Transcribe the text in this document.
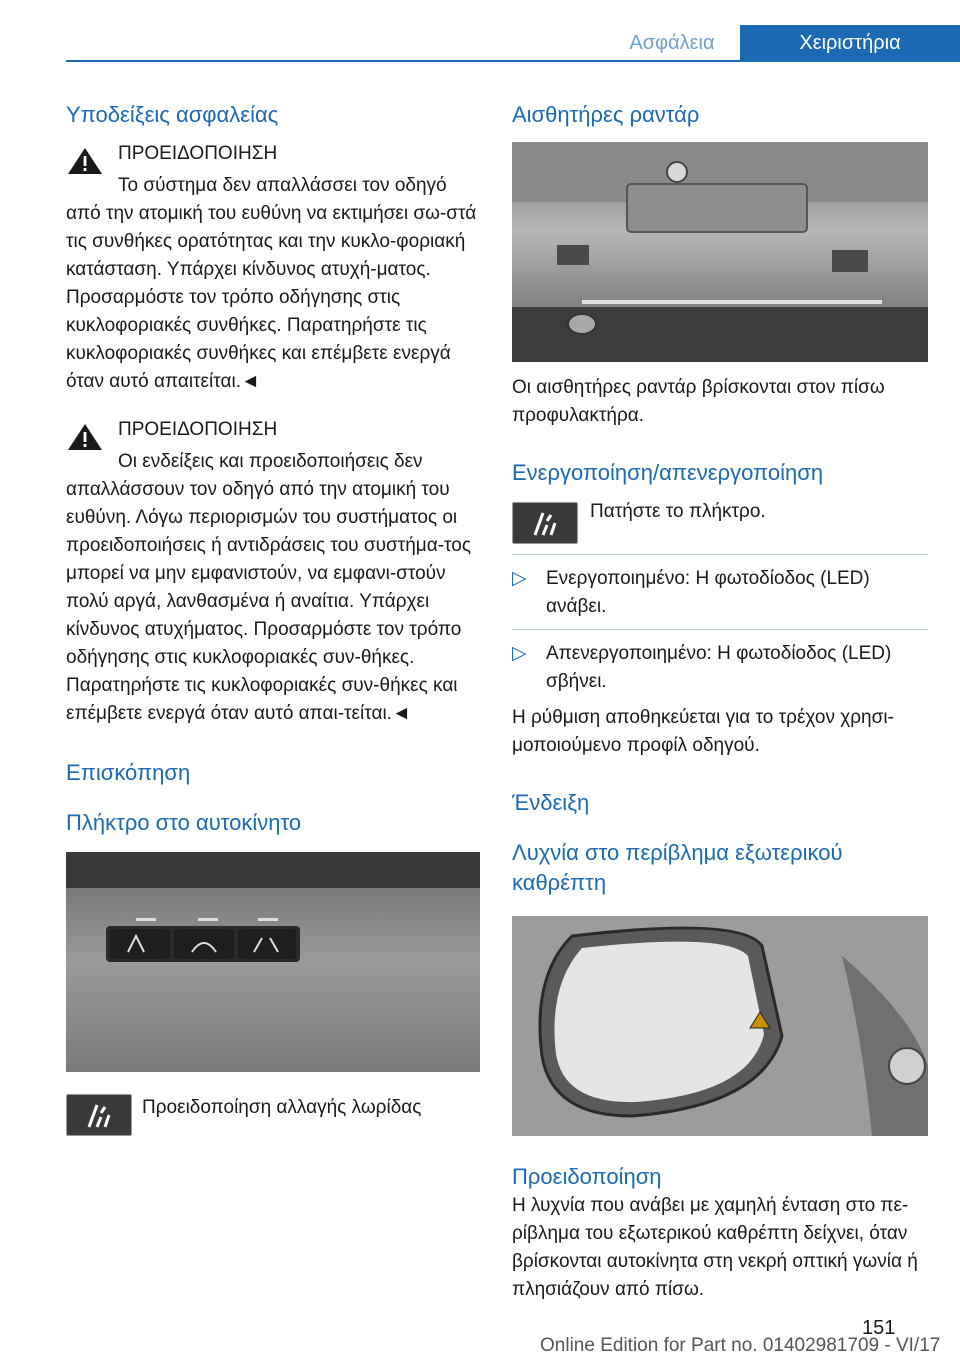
Ασφάλεια	Χειριστήρια
Υποδείξεις ασφαλείας

ΠΡΟΕΙΔΟΠΟΙΗΣΗ

Το σύστημα δεν απαλλάσσει τον οδηγό από την ατομική του ευθύνη να εκτιμήσει σω-στά τις συνθήκες ορατότητας και την κυκλο-φοριακή κατάσταση. Υπάρχει κίνδυνος ατυχή-ματος. Προσαρμόστε τον τρόπο οδήγησης στις κυκλοφοριακές συνθήκες. Παρατηρήστε τις κυκλοφοριακές συνθήκες και επέμβετε ενεργά όταν αυτό απαιτείται.◄

ΠΡΟΕΙΔΟΠΟΙΗΣΗ

Οι ενδείξεις και προειδοποιήσεις δεν απαλλάσσουν τον οδηγό από την ατομική του ευθύνη. Λόγω περιορισμών του συστήματος οι προειδοποιήσεις ή αντιδράσεις του συστήμα-τος μπορεί να μην εμφανιστούν, να εμφανι-στούν πολύ αργά, λανθασμένα ή αναίτια. Υπάρχει κίνδυνος ατυχήματος. Προσαρμόστε τον τρόπο οδήγησης στις κυκλοφοριακές συν-θήκες. Παρατηρήστε τις κυκλοφοριακές συν-θήκες και επέμβετε ενεργά όταν αυτό απαι-τείται.◄

Επισκόπηση
Πλήκτρο στο αυτοκίνητο
Προειδοποίηση αλλαγής λωρίδας
Αισθητήρες ραντάρ

Οι αισθητήρες ραντάρ βρίσκονται στον πίσω προφυλακτήρα.

Ενεργοποίηση/απενεργοποίηση
Πατήστε το πλήκτρο.
▷ Ενεργοποιημένο: Η φωτοδίοδος (LED) ανάβει.
▷ Απενεργοποιημένο: Η φωτοδίοδος (LED) σβήνει.

Η ρύθμιση αποθηκεύεται για το τρέχον χρησι-μοποιούμενο προφίλ οδηγού.

Ένδειξη
Λυχνία στο περίβλημα εξωτερικού καθρέπτη
Προειδοποίηση

Η λυχνία που ανάβει με χαμηλή ένταση στο πε-ρίβλημα του εξωτερικού καθρέπτη δείχνει, όταν βρίσκονται αυτοκίνητα στη νεκρή οπτική γωνία ή πλησιάζουν από πίσω.

151
Online Edition for Part no. 01402981709 - VI/17
